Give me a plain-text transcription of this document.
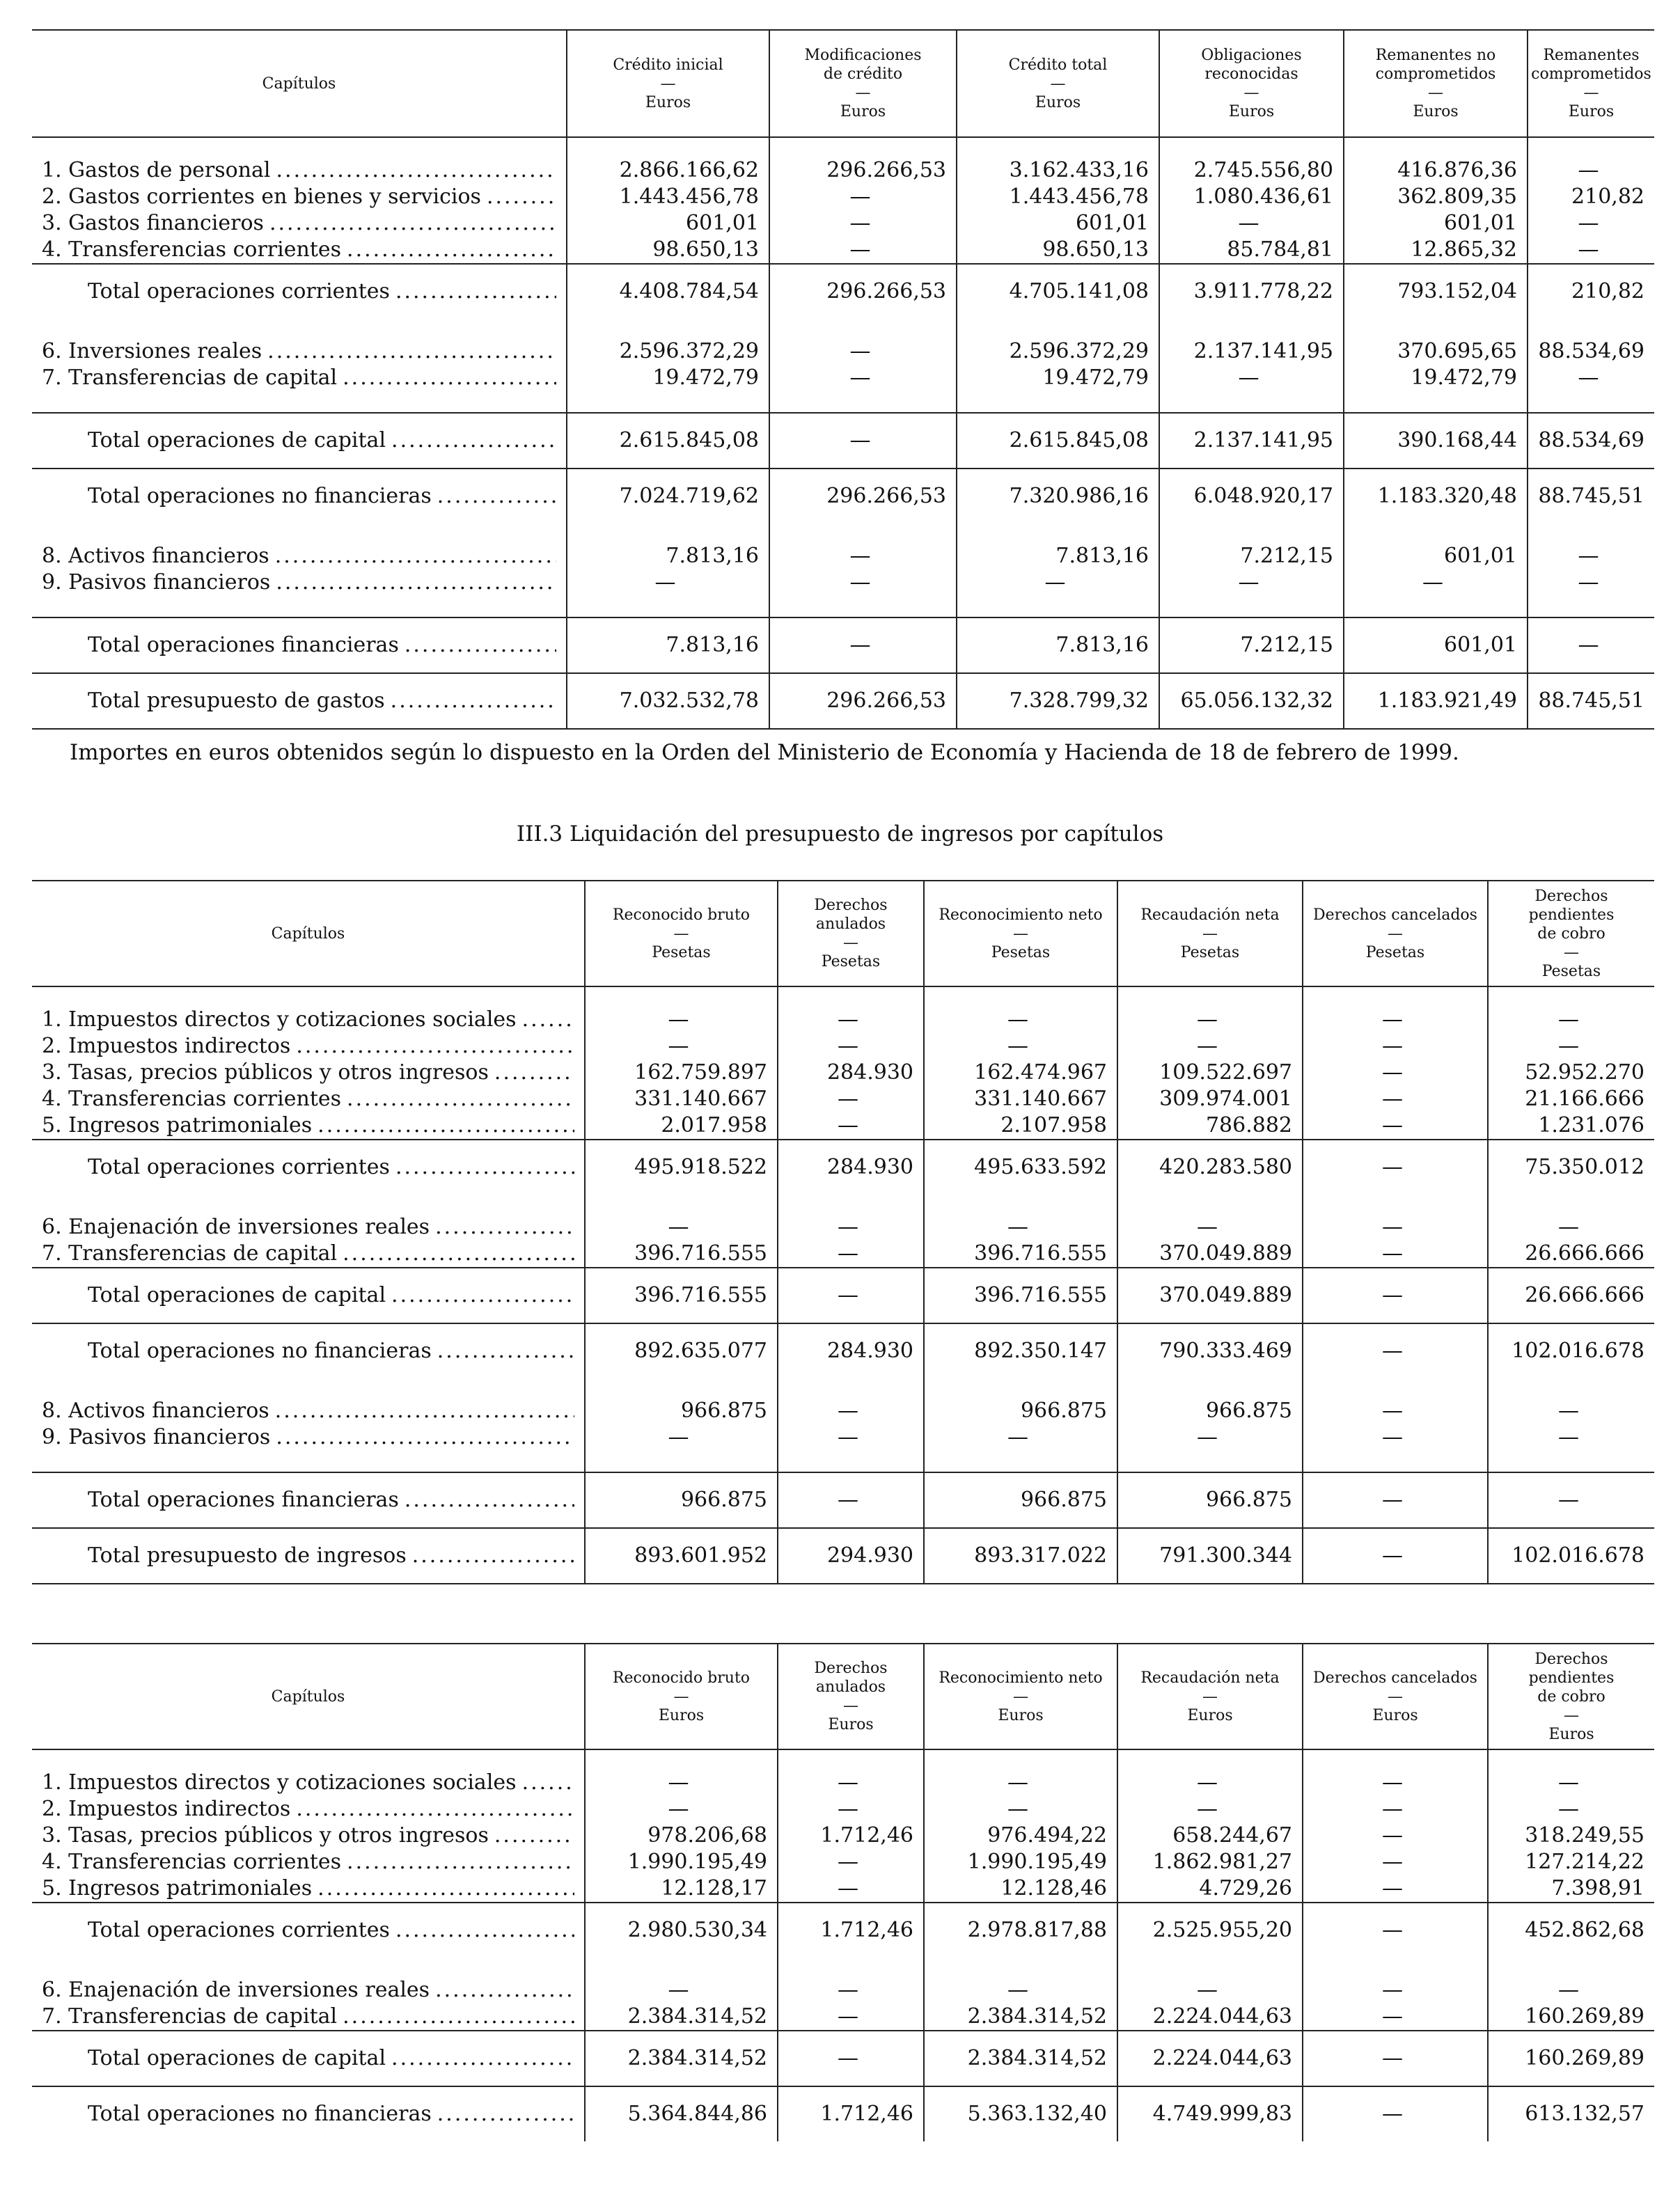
Capítulos	Crédito inicial
—
Euros	Modificaciones
de crédito
—
Euros	Crédito total
—
Euros	Obligaciones
reconocidas
—
Euros	Remanentes no
comprometidos
—
Euros	Remanentes
comprometidos
—
Euros

1. Gastos de personal
.....	2.866.166,62	296.266,53	3.162.433,16	2.745.556,80	416.876,36	—

2. Gastos corrientes en bienes y servicios
.....	1.443.456,78	—	1.443.456,78	1.080.436,61	362.809,35	210,82

3. Gastos financieros
.....	601,01	—	601,01	—	601,01	—

4. Transferencias corrientes
.....	98.650,13	—	98.650,13	85.784,81	12.865,32	—

Total operaciones corrientes
.....	4.408.784,54	296.266,53	4.705.141,08	3.911.778,22	793.152,04	210,82

6. Inversiones reales
.....	2.596.372,29	—	2.596.372,29	2.137.141,95	370.695,65	88.534,69

7. Transferencias de capital
.....	19.472,79	—	19.472,79	—	19.472,79	—

Total operaciones de capital
.....	2.615.845,08	—	2.615.845,08	2.137.141,95	390.168,44	88.534,69

Total operaciones no financieras
.....	7.024.719,62	296.266,53	7.320.986,16	6.048.920,17	1.183.320,48	88.745,51

8. Activos financieros
.....	7.813,16	—	7.813,16	7.212,15	601,01	—

9. Pasivos financieros
.....	—	—	—	—	—	—

Total operaciones financieras
.....	7.813,16	—	7.813,16	7.212,15	601,01	—

Total presupuesto de gastos
.....	7.032.532,78	296.266,53	7.328.799,32	65.056.132,32	1.183.921,49	88.745,51
Importes en euros obtenidos según lo dispuesto en la Orden del Ministerio de Economía y Hacienda de 18 de febrero de 1999.
III.3 Liquidación del presupuesto de ingresos por capítulos
Capítulos	Reconocido bruto
—
Pesetas	Derechos anulados
—
Pesetas	Reconocimiento neto
—
Pesetas	Recaudación neta
—
Pesetas	Derechos cancelados
—
Pesetas	Derechos pendientes
de cobro
—
Pesetas

1. Impuestos directos y cotizaciones sociales
.....	—	—	—	—	—	—

2. Impuestos indirectos
.....	—	—	—	—	—	—

3. Tasas, precios públicos y otros ingresos
.....	162.759.897	284.930	162.474.967	109.522.697	—	52.952.270

4. Transferencias corrientes
.....	331.140.667	—	331.140.667	309.974.001	—	21.166.666

5. Ingresos patrimoniales
.....	2.017.958	—	2.107.958	786.882	—	1.231.076

Total operaciones corrientes
.....	495.918.522	284.930	495.633.592	420.283.580	—	75.350.012

6. Enajenación de inversiones reales
.....	—	—	—	—	—	—

7. Transferencias de capital
.....	396.716.555	—	396.716.555	370.049.889	—	26.666.666

Total operaciones de capital
.....	396.716.555	—	396.716.555	370.049.889	—	26.666.666

Total operaciones no financieras
.....	892.635.077	284.930	892.350.147	790.333.469	—	102.016.678

8. Activos financieros
.....	966.875	—	966.875	966.875	—	—

9. Pasivos financieros
.....	—	—	—	—	—	—

Total operaciones financieras
.....	966.875	—	966.875	966.875	—	—

Total presupuesto de ingresos
.....	893.601.952	294.930	893.317.022	791.300.344	—	102.016.678
Capítulos	Reconocido bruto
—
Euros	Derechos anulados
—
Euros	Reconocimiento neto
—
Euros	Recaudación neta
—
Euros	Derechos cancelados
—
Euros	Derechos pendientes
de cobro
—
Euros

1. Impuestos directos y cotizaciones sociales
.....	—	—	—	—	—	—

2. Impuestos indirectos
.....	—	—	—	—	—	—

3. Tasas, precios públicos y otros ingresos
.....	978.206,68	1.712,46	976.494,22	658.244,67	—	318.249,55

4. Transferencias corrientes
.....	1.990.195,49	—	1.990.195,49	1.862.981,27	—	127.214,22

5. Ingresos patrimoniales
.....	12.128,17	—	12.128,46	4.729,26	—	7.398,91

Total operaciones corrientes
.....	2.980.530,34	1.712,46	2.978.817,88	2.525.955,20	—	452.862,68

6. Enajenación de inversiones reales
.....	—	—	—	—	—	—

7. Transferencias de capital
.....	2.384.314,52	—	2.384.314,52	2.224.044,63	—	160.269,89

Total operaciones de capital
.....	2.384.314,52	—	2.384.314,52	2.224.044,63	—	160.269,89

Total operaciones no financieras
.....	5.364.844,86	1.712,46	5.363.132,40	4.749.999,83	—	613.132,57
